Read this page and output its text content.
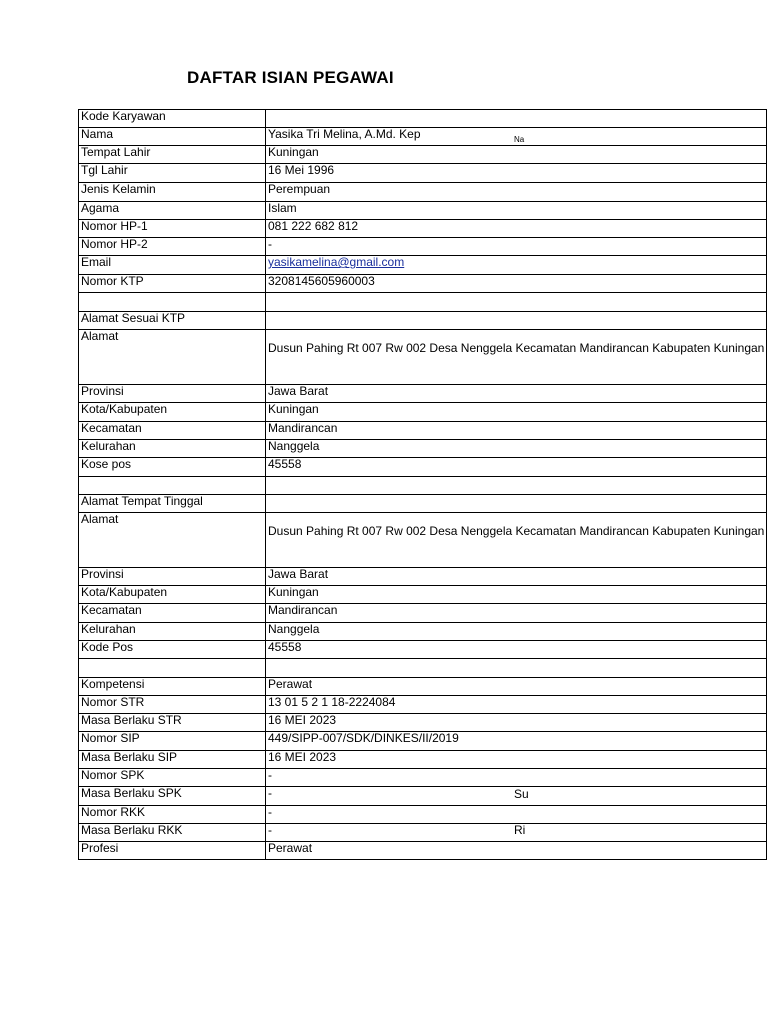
DAFTAR ISIAN PEGAWAI
Kode Karyawan	
Nama	Yasika Tri Melina, A.Md. Kep
Tempat Lahir	Kuningan
Tgl Lahir	16 Mei 1996
Jenis Kelamin	Perempuan
Agama	Islam
Nomor HP-1	081 222 682 812
Nomor HP-2	-
Email	yasikamelina@gmail.com
Nomor KTP	3208145605960003

Alamat Sesuai KTP	
Alamat	Dusun Pahing Rt 007 Rw 002 Desa Nenggela Kecamatan Mandirancan Kabupaten Kuningan

Provinsi	Jawa Barat
Kota/Kabupaten	Kuningan
Kecamatan	Mandirancan
Kelurahan	Nanggela
Kose pos	45558

Alamat Tempat Tinggal	
Alamat	Dusun Pahing Rt 007 Rw 002 Desa Nenggela Kecamatan Mandirancan Kabupaten Kuningan

Provinsi	Jawa Barat
Kota/Kabupaten	Kuningan
Kecamatan	Mandirancan
Kelurahan	Nanggela
Kode Pos	45558

Kompetensi	Perawat
Nomor STR	13 01 5 2 1 18-2224084
Masa Berlaku STR	16 MEI 2023
Nomor SIP	449/SIPP-007/SDK/DINKES/II/2019
Masa Berlaku SIP	16 MEI 2023
Nomor SPK	-
Masa Berlaku SPK	-
Nomor RKK	-
Masa Berlaku RKK	-
Profesi	Perawat
Na
Su
Ri
